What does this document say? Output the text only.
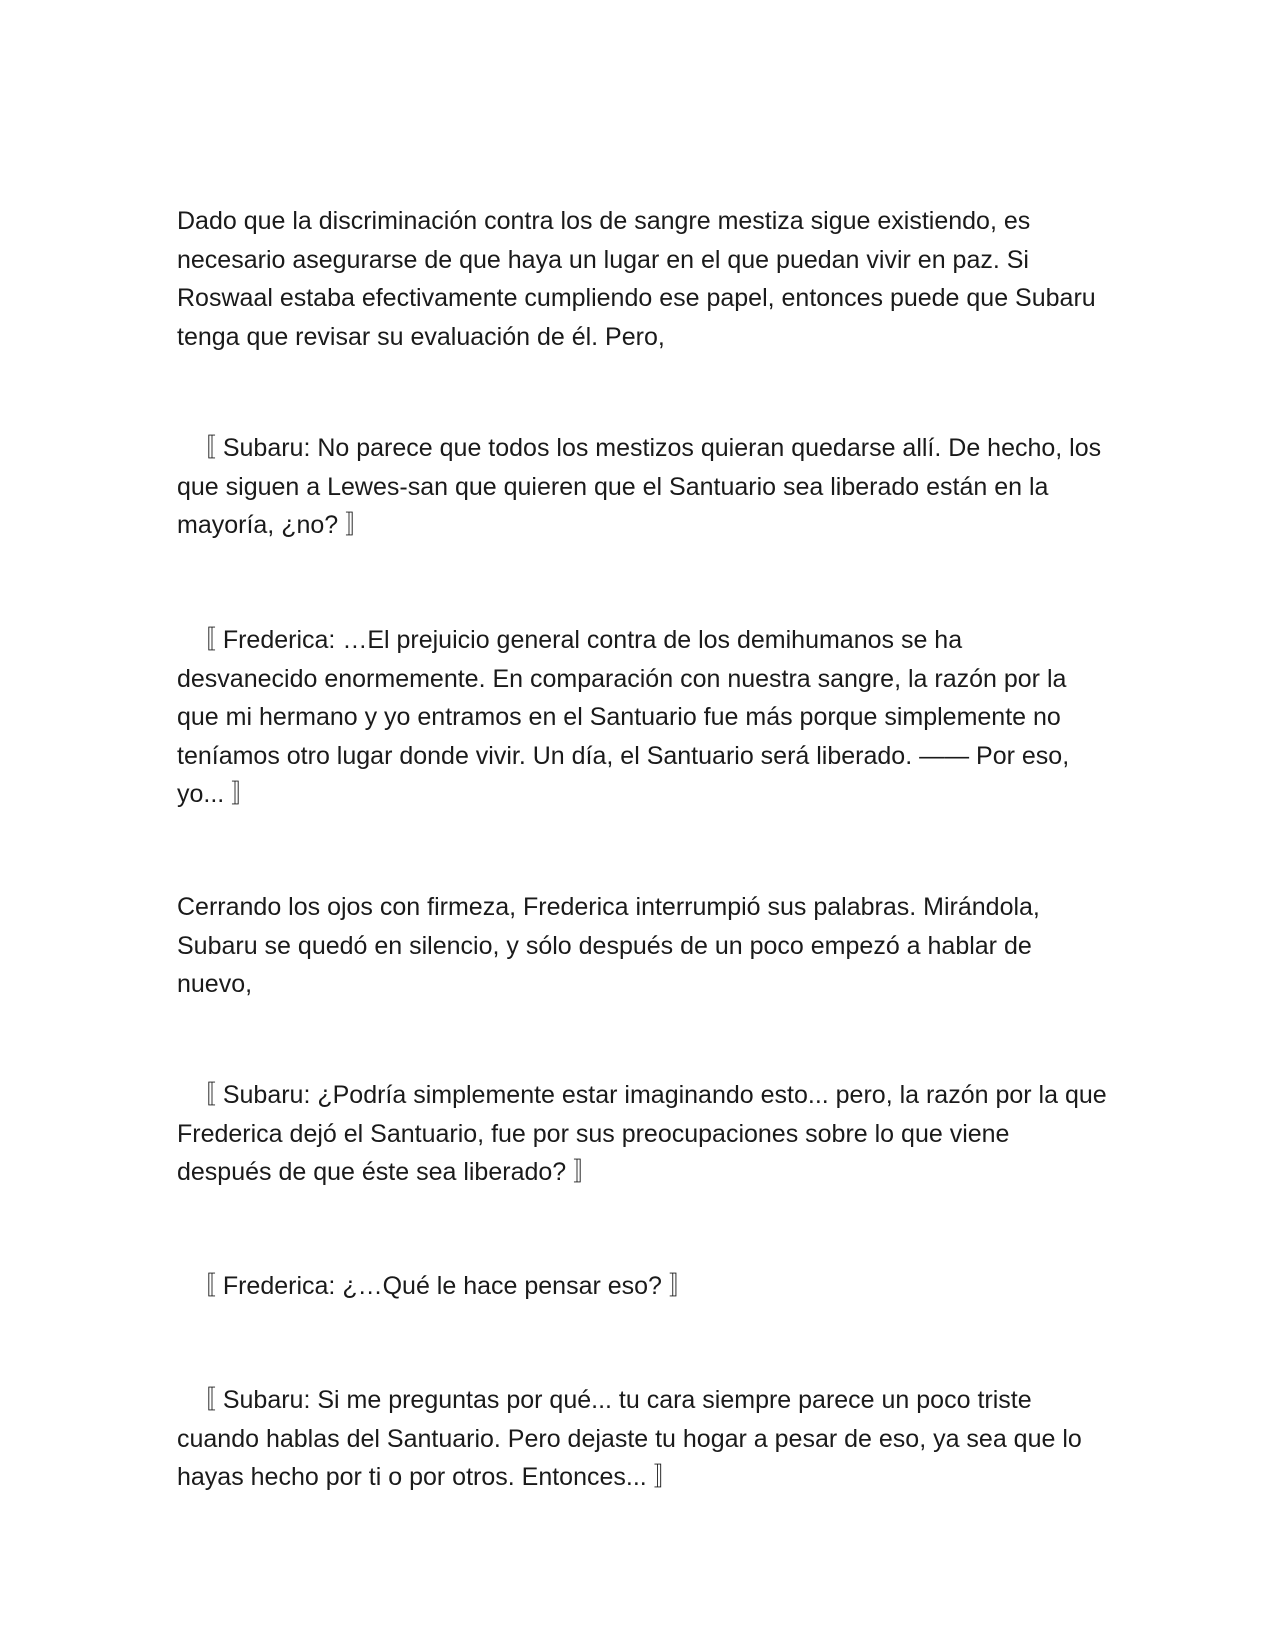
Dado que la discriminación contra los de sangre mestiza sigue existiendo, es necesario asegurarse de que haya un lugar en el que puedan vivir en paz. Si Roswaal estaba efectivamente cumpliendo ese papel, entonces puede que Subaru tenga que revisar su evaluación de él. Pero,

〚 Subaru: No parece que todos los mestizos quieran quedarse allí. De hecho, los que siguen a Lewes-san que quieren que el Santuario sea liberado están en la mayoría, ¿no? 〛

〚 Frederica: …El prejuicio general contra de los demihumanos se ha desvanecido enormemente. En comparación con nuestra sangre, la razón por la que mi hermano y yo entramos en el Santuario fue más porque simplemente no teníamos otro lugar donde vivir. Un día, el Santuario será liberado. —— Por eso, yo... 〛

Cerrando los ojos con firmeza, Frederica interrumpió sus palabras. Mirándola, Subaru se quedó en silencio, y sólo después de un poco empezó a hablar de nuevo,

〚 Subaru: ¿Podría simplemente estar imaginando esto... pero, la razón por la que Frederica dejó el Santuario, fue por sus preocupaciones sobre lo que viene después de que éste sea liberado? 〛

〚 Frederica: ¿…Qué le hace pensar eso? 〛

〚 Subaru: Si me preguntas por qué... tu cara siempre parece un poco triste cuando hablas del Santuario. Pero dejaste tu hogar a pesar de eso, ya sea que lo hayas hecho por ti o por otros. Entonces... 〛
